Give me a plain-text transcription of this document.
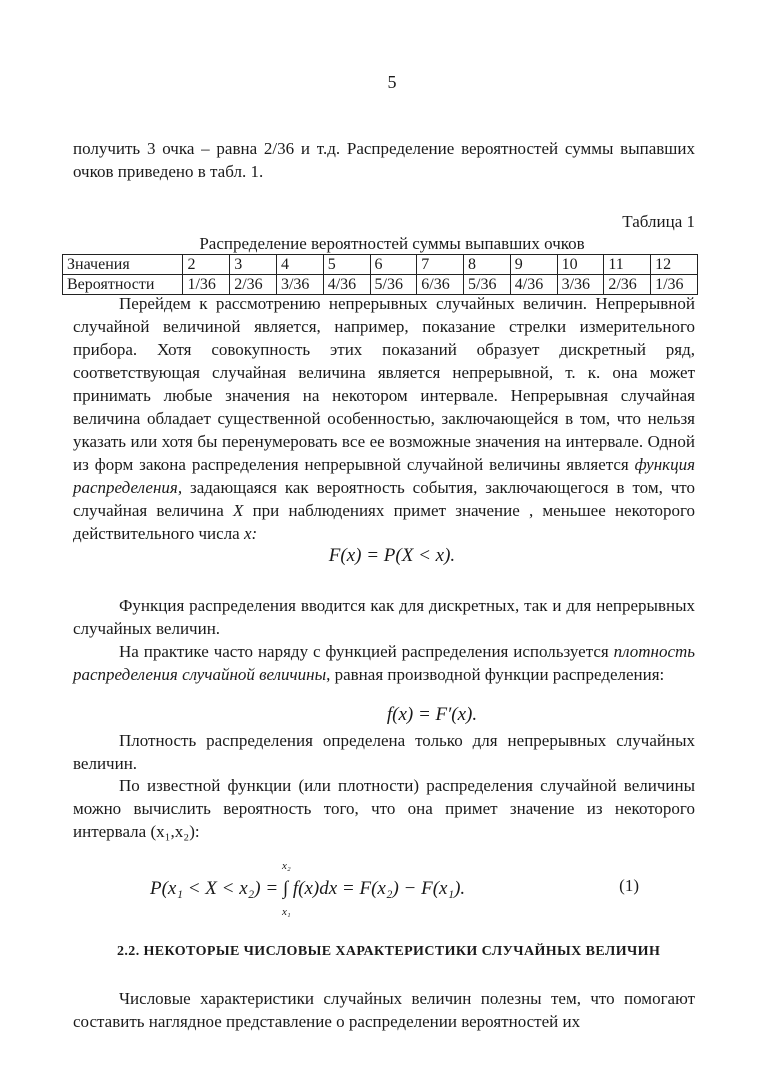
5
получить 3 очка – равна 2/36 и т.д. Распределение вероятностей суммы выпавших очков приведено в табл. 1.
Таблица 1
Распределение вероятностей суммы выпавших очков
Значения	2	3	4	5	6	7	8	9	10	11	12
Вероятности	1/36	2/36	3/36	4/36	5/36	6/36	5/36	4/36	3/36	2/36	1/36
Перейдем к рассмотрению непрерывных случайных величин. Непрерывной случайной величиной является, например, показание стрелки измерительного прибора. Хотя совокупность этих показаний образует дискретный ряд, соответствующая случайная величина является непрерывной, т. к. она может принимать любые значения на некотором интервале. Непрерывная случайная величина обладает существенной особенностью, заключающейся в том, что нельзя указать или хотя бы перенумеровать все ее возможные значения на интервале. Одной из форм закона распределения непрерывной случайной величины является функция распределения, задающаяся как вероятность события, заключающегося в том, что случайная величина X при наблюдениях примет значение , меньшее некоторого действительного числа x:
F(x) = P(X < x).
Функция распределения вводится как для дискретных, так и для непрерывных случайных величин.
На практике часто наряду с функцией распределения используется плотность распределения случайной величины, равная производной функции распределения:
f(x) = F′(x).
Плотность распределения определена только для непрерывных случайных величин.
По известной функции (или плотности) распределения случайной величины можно вычислить вероятность того, что она примет значение из некоторого интервала (x₁,x₂):
P(x₁ < X < x₂) = ∫ f(x)dx = F(x₂) − F(x₁).
x₂
x₁
(1)
2.2. НЕКОТОРЫЕ ЧИСЛОВЫЕ ХАРАКТЕРИСТИКИ СЛУЧАЙНЫХ ВЕЛИЧИН
Числовые характеристики случайных величин полезны тем, что помогают составить наглядное представление о распределении вероятностей их
